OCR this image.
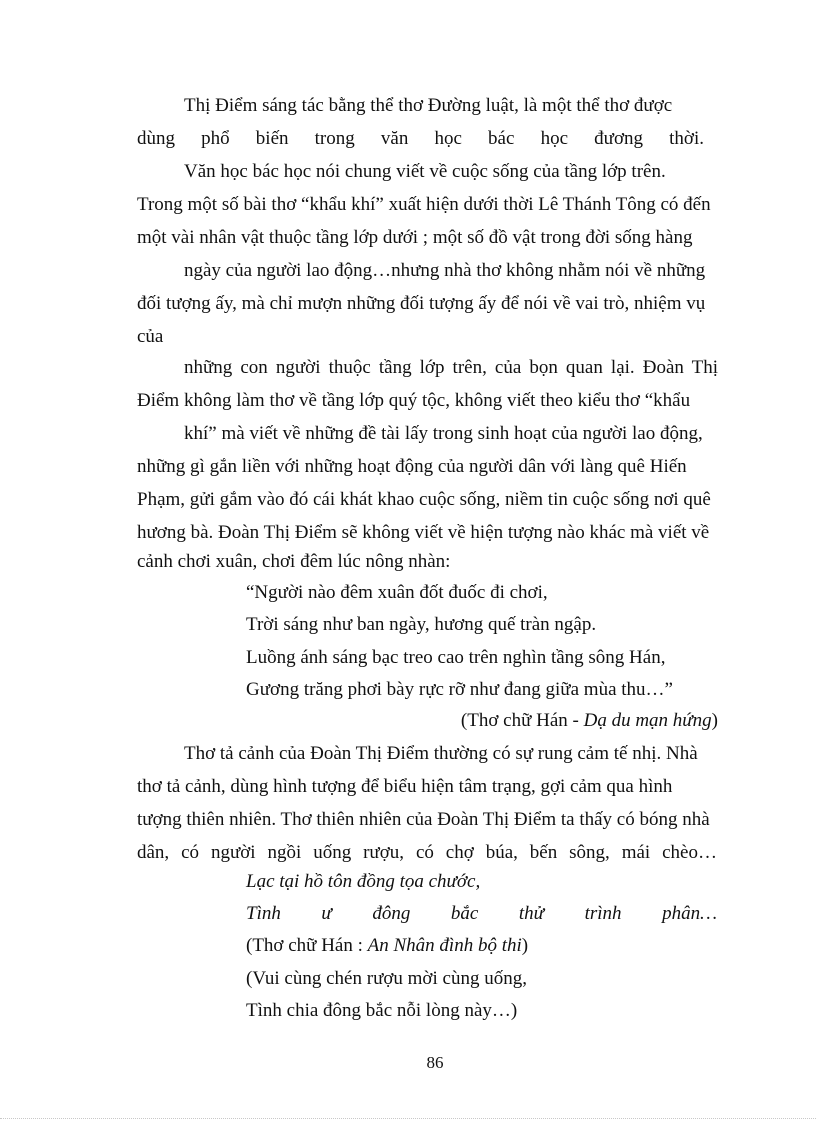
Thị Điểm sáng tác bằng thể thơ Đường luật, là một thể thơ được
dùng phổ biến trong văn học bác học đương thời.
Văn học bác học nói chung viết về cuộc sống của tầng lớp trên.
Trong một số bài thơ “khẩu khí” xuất hiện dưới thời Lê Thánh Tông có đến
một vài nhân vật thuộc tầng lớp dưới ; một số đồ vật trong đời sống hàng
ngày của người lao động…nhưng nhà thơ không nhằm nói về những
đối tượng ấy, mà chỉ mượn những đối tượng ấy để nói về vai trò, nhiệm vụ
của
những con người thuộc tầng lớp trên, của bọn quan lại. Đoàn Thị
Điểm không làm thơ về tầng lớp quý tộc, không viết theo kiểu thơ “khẩu
khí” mà viết về những đề tài lấy trong sinh hoạt của người lao động,
những gì gắn liền với những hoạt động của người dân với làng quê Hiến
Phạm, gửi gắm vào đó cái khát khao cuộc sống, niềm tin cuộc sống nơi quê
hương bà. Đoàn Thị Điểm sẽ không viết về hiện tượng nào khác mà viết về
cảnh chơi xuân, chơi đêm lúc nông nhàn:
“Người nào đêm xuân đốt đuốc đi chơi,
Trời sáng như ban ngày, hương quế tràn ngập.
Luồng ánh sáng bạc treo cao trên nghìn tầng sông Hán,
Gương trăng phơi bày rực rỡ như đang giữa mùa thu…”
(Thơ chữ Hán - Dạ du mạn hứng)
Thơ tả cảnh của Đoàn Thị Điểm thường có sự rung cảm tế nhị. Nhà
thơ tả cảnh, dùng hình tượng để biểu hiện tâm trạng, gợi cảm qua hình
tượng thiên nhiên. Thơ thiên nhiên của Đoàn Thị Điểm ta thấy có bóng nhà
dân, có người ngồi uống rượu, có chợ búa, bến sông, mái chèo…
Lạc tại hồ tôn đồng tọa chước,
Tình ư đông bắc thử trình phân…
(Thơ chữ Hán : An Nhân đình bộ thi)
(Vui cùng chén rượu mời cùng uống,
Tình chia đông bắc nỗi lòng này…)
86
